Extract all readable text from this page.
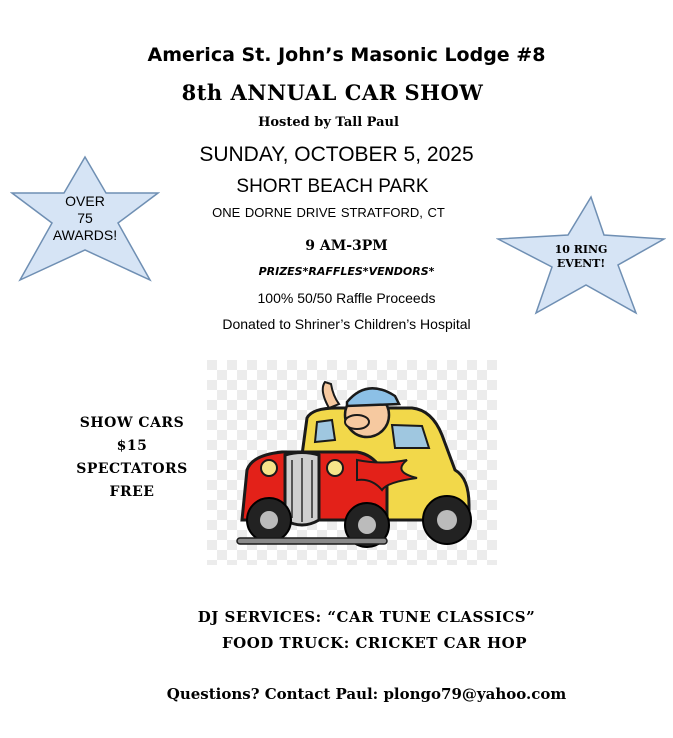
America St. John’s Masonic Lodge #8
8th ANNUAL CAR SHOW
Hosted by Tall Paul
SUNDAY, OCTOBER 5, 2025
SHORT BEACH PARK
ONE DORNE DRIVE STRATFORD, CT
9 AM-3PM
PRIZES*RAFFLES*VENDORS*
100% 50/50 Raffle Proceeds
Donated to Shriner’s Children’s Hospital
OVER
75
AWARDS!
10 RING
EVENT!
SHOW CARS
$15
SPECTATORS
FREE
DJ SERVICES: “CAR TUNE CLASSICS”
FOOD TRUCK: CRICKET CAR HOP
Questions? Contact Paul: plongo79@yahoo.com
